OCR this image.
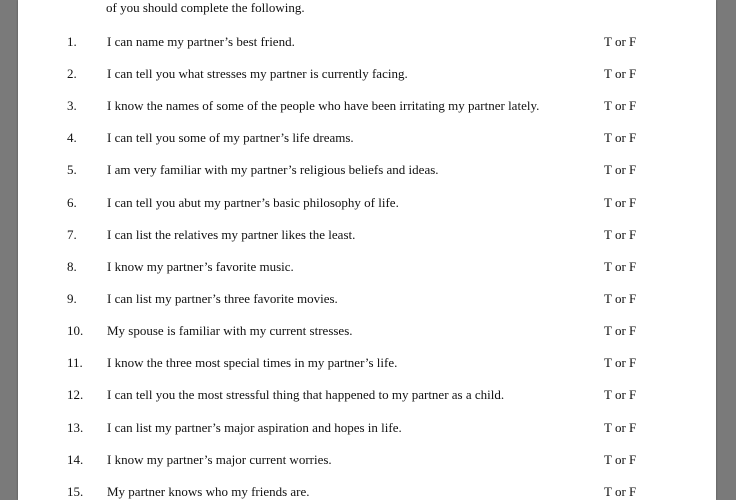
of you should complete the following.
1. I can name my partner’s best friend.	T or F
2. I can tell you what stresses my partner is currently facing.	T or F
3. I know the names of some of the people who have been irritating my partner lately.	T or F
4. I can tell you some of my partner’s life dreams.	T or F
5. I am very familiar with my partner’s religious beliefs and ideas.	T or F
6. I can tell you abut my partner’s basic philosophy of life.	T or F
7. I can list the relatives my partner likes the least.	T or F
8. I know my partner’s favorite music.	T or F
9. I can list my partner’s three favorite movies.	T or F
10. My spouse is familiar with my current stresses.	T or F
11. I know the three most special times in my partner’s life.	T or F
12. I can tell you the most stressful thing that happened to my partner as a child.	T or F
13. I can list my partner’s major aspiration and hopes in life.	T or F
14. I know my partner’s major current worries.	T or F
15. My partner knows who my friends are.	T or F
